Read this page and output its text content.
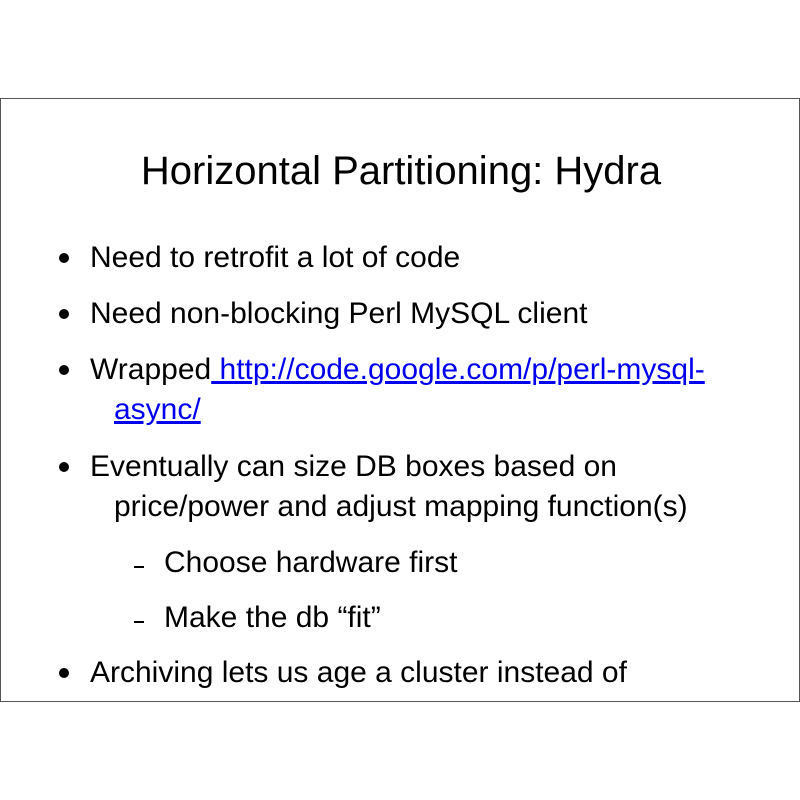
Horizontal Partitioning: Hydra
Need to retrofit a lot of code
Need non-blocking Perl MySQL client
Wrapped http://code.google.com/p/perl-mysql-
async/
Eventually can size DB boxes based on
price/power and adjust mapping function(s)
Choose hardware first
Make the db “fit”
Archiving lets us age a cluster instead of
